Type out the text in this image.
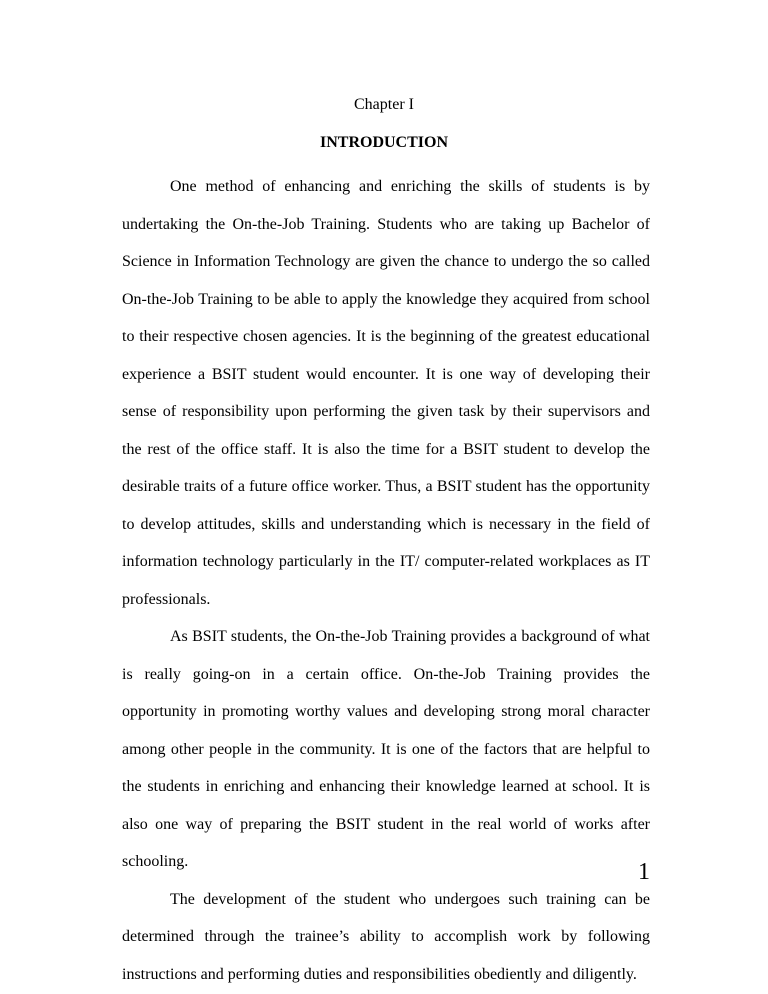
Chapter I
INTRODUCTION

One method of enhancing and enriching the skills of students is by undertaking the On-the-Job Training. Students who are taking up Bachelor of Science in Information Technology are given the chance to undergo the so called On-the-Job Training to be able to apply the knowledge they acquired from school to their respective chosen agencies. It is the beginning of the greatest educational experience a BSIT student would encounter. It is one way of developing their sense of responsibility upon performing the given task by their supervisors and the rest of the office staff. It is also the time for a BSIT student to develop the desirable traits of a future office worker. Thus, a BSIT student has the opportunity to develop attitudes, skills and understanding which is necessary in the field of information technology particularly in the IT/ computer-related workplaces as IT professionals.

As BSIT students, the On-the-Job Training provides a background of what is really going-on in a certain office. On-the-Job Training provides the opportunity in promoting worthy values and developing strong moral character among other people in the community. It is one of the factors that are helpful to the students in enriching and enhancing their knowledge learned at school. It is also one way of preparing the BSIT student in the real world of works after schooling.

The development of the student who undergoes such training can be determined through the trainee’s ability to accomplish work by following instructions and performing duties and responsibilities obediently and diligently.

1
